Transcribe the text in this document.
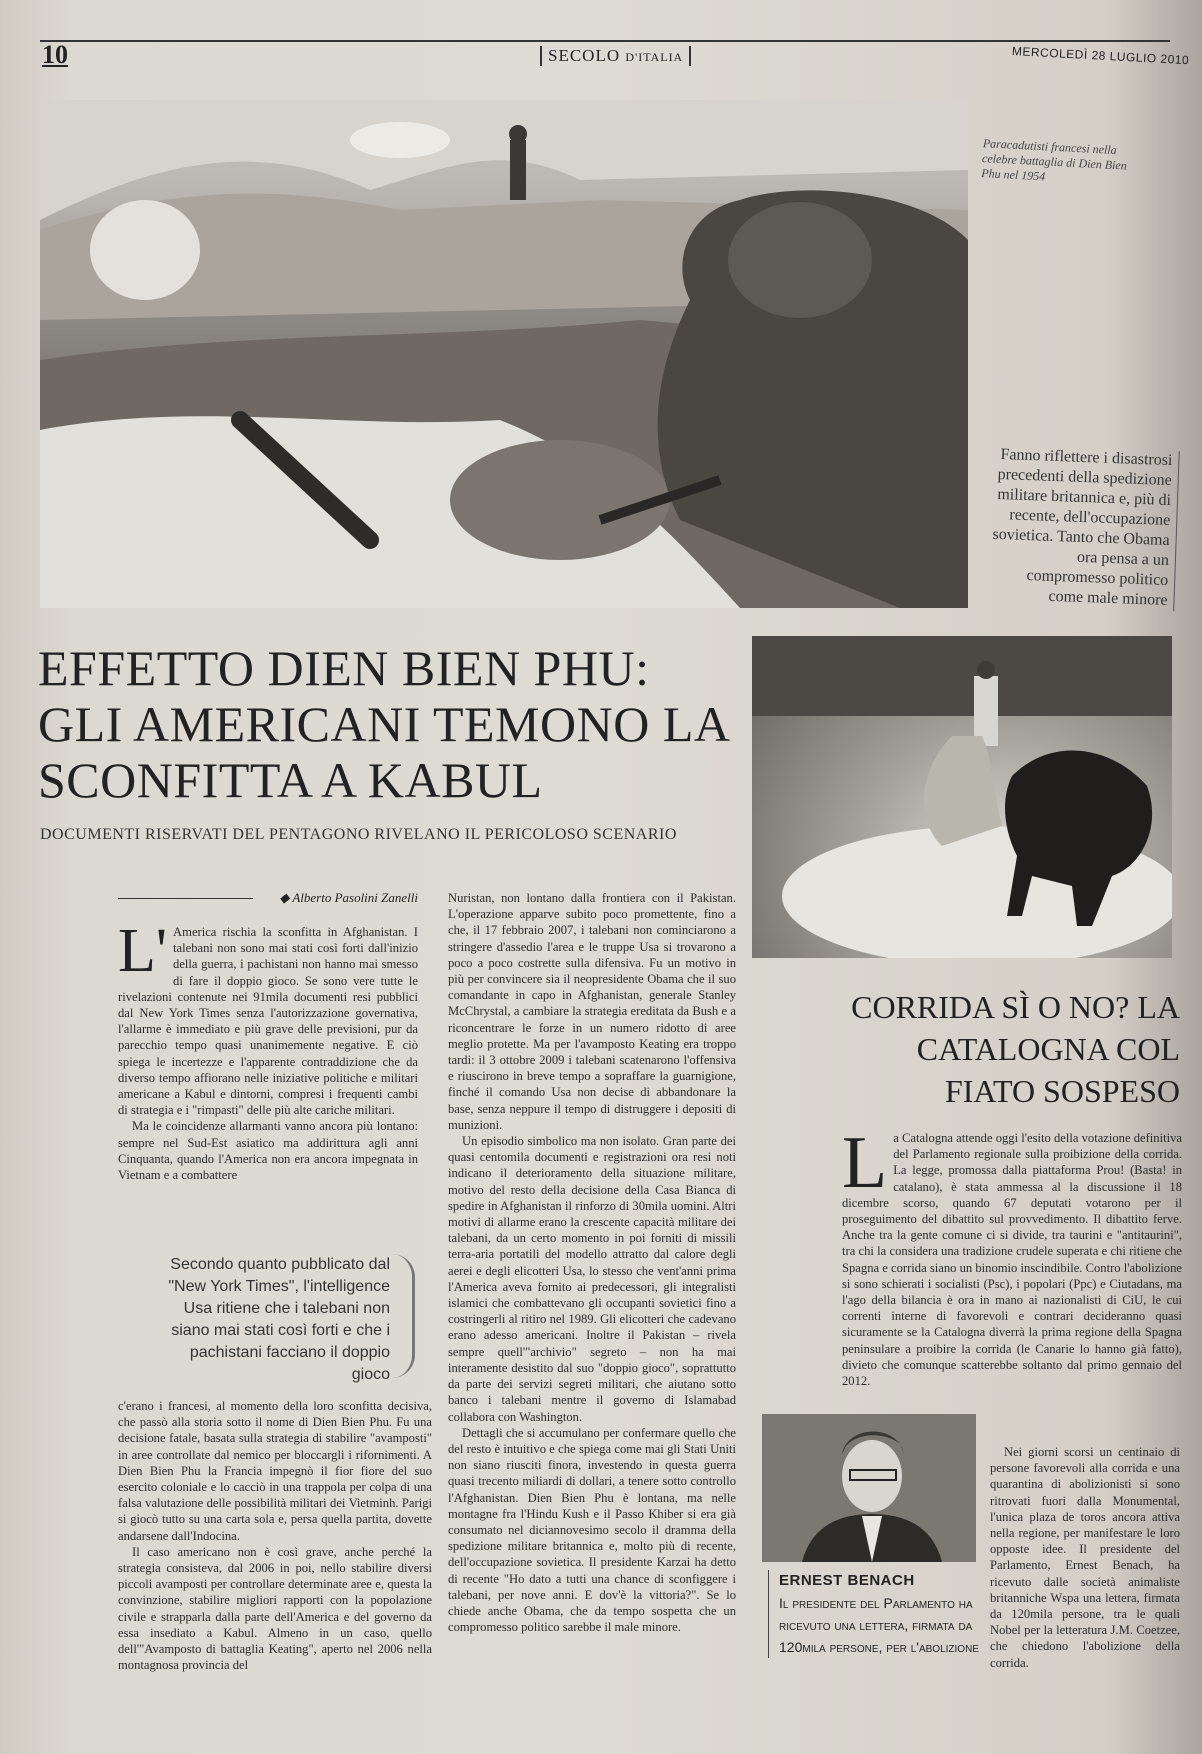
10	SECOLO D'ITALIA	MERCOLEDÌ 28 LUGLIO 2010
Paracadutisti francesi nella celebre battaglia di Dien Bien Phu nel 1954
Fanno riflettere i disastrosi precedenti della spedizione militare britannica e, più di recente, dell'occupazione sovietica. Tanto che Obama ora pensa a un compromesso politico come male minore
EFFETTO DIEN BIEN PHU: GLI AMERICANI TEMONO LA SCONFITTA A KABUL
DOCUMENTI RISERVATI DEL PENTAGONO RIVELANO IL PERICOLOSO SCENARIO
◆ Alberto Pasolini Zanelli

L' America rischia la sconfitta in Afghanistan. I talebani non sono mai stati così forti dall'inizio della guerra, i pachistani non hanno mai smesso di fare il doppio gioco. Se sono vere tutte le rivelazioni contenute nei 91mila documenti resi pubblici dal New York Times senza l'autorizzazione governativa, l'allarme è immediato e più grave delle previsioni, pur da parecchio tempo quasi unanimemente negative. E ciò spiega le incertezze e l'apparente contraddizione che da diverso tempo affiorano nelle iniziative politiche e militari americane a Kabul e dintorni, compresi i frequenti cambi di strategia e i "rimpasti" delle più alte cariche militari.

Ma le coincidenze allarmanti vanno ancora più lontano: sempre nel Sud-Est asiatico ma addirittura agli anni Cinquanta, quando l'America non era ancora impegnata in Vietnam e a combattere

Secondo quanto pubblicato dal "New York Times", l'intelligence Usa ritiene che i talebani non siano mai stati così forti e che i pachistani facciano il doppio gioco

c'erano i francesi, al momento della loro sconfitta decisiva, che passò alla storia sotto il nome di Dien Bien Phu. Fu una decisione fatale, basata sulla strategia di stabilire "avamposti" in aree controllate dal nemico per bloccargli i rifornimenti. A Dien Bien Phu la Francia impegnò il fior fiore del suo esercito coloniale e lo cacciò in una trappola per colpa di una falsa valutazione delle possibilità militari dei Vietminh. Parigi si giocò tutto su una carta sola e, persa quella partita, dovette andarsene dall'Indocina.

Il caso americano non è così grave, anche perché la strategia consisteva, dal 2006 in poi, nello stabilire diversi piccoli avamposti per controllare determinate aree e, questa la convinzione, stabilire migliori rapporti con la popolazione civile e strapparla dalla parte dell'America e del governo da essa insediato a Kabul. Almeno in un caso, quello dell'"Avamposto di battaglia Keating", aperto nel 2006 nella montagnosa provincia del

Nuristan, non lontano dalla frontiera con il Pakistan. L'operazione apparve subito poco promettente, fino a che, il 17 febbraio 2007, i talebani non cominciarono a stringere d'assedio l'area e le truppe Usa si trovarono a poco a poco costrette sulla difensiva. Fu un motivo in più per convincere sia il neopresidente Obama che il suo comandante in capo in Afghanistan, generale Stanley McChrystal, a cambiare la strategia ereditata da Bush e a riconcentrare le forze in un numero ridotto di aree meglio protette. Ma per l'avamposto Keating era troppo tardi: il 3 ottobre 2009 i talebani scatenarono l'offensiva e riuscirono in breve tempo a sopraffare la guarnigione, finché il comando Usa non decise di abbandonare la base, senza neppure il tempo di distruggere i depositi di munizioni.

Un episodio simbolico ma non isolato. Gran parte dei quasi centomila documenti e registrazioni ora resi noti indicano il deterioramento della situazione militare, motivo del resto della decisione della Casa Bianca di spedire in Afghanistan il rinforzo di 30mila uomini. Altri motivi di allarme erano la crescente capacità militare dei talebani, da un certo momento in poi forniti di missili terra-aria portatili del modello attratto dal calore degli aerei e degli elicotteri Usa, lo stesso che vent'anni prima l'America aveva fornito ai predecessori, gli integralisti islamici che combattevano gli occupanti sovietici fino a costringerli al ritiro nel 1989. Gli elicotteri che cadevano erano adesso americani. Inoltre il Pakistan – rivela sempre quell'"archivio" segreto – non ha mai interamente desistito dal suo "doppio gioco", soprattutto da parte dei servizi segreti militari, che aiutano sotto banco i talebani mentre il governo di Islamabad collabora con Washington.

Dettagli che si accumulano per confermare quello che del resto è intuitivo e che spiega come mai gli Stati Uniti non siano riusciti finora, investendo in questa guerra quasi trecento miliardi di dollari, a tenere sotto controllo l'Afghanistan. Dien Bien Phu è lontana, ma nelle montagne fra l'Hindu Kush e il Passo Khiber si era già consumato nel diciannovesimo secolo il dramma della spedizione militare britannica e, molto più di recente, dell'occupazione sovietica. Il presidente Karzai ha detto di recente "Ho dato a tutti una chance di sconfiggere i talebani, per nove anni. E dov'è la vittoria?". Se lo chiede anche Obama, che da tempo sospetta che un compromesso politico sarebbe il male minore.

CORRIDA SÌ O NO? LA CATALOGNA COL FIATO SOSPESO

La Catalogna attende oggi l'esito della votazione definitiva del Parlamento regionale sulla proibizione della corrida. La legge, promossa dalla piattaforma Prou! (Basta! in catalano), è stata ammessa al la discussione il 18 dicembre scorso, quando 67 deputati votarono per il proseguimento del dibattito sul provvedimento. Il dibattito ferve. Anche tra la gente comune ci si divide, tra taurini e "antitaurini", tra chi la considera una tradizione crudele superata e chi ritiene che Spagna e corrida siano un binomio inscindibile. Contro l'abolizione si sono schierati i socialisti (Psc), i popolari (Ppc) e Ciutadans, ma l'ago della bilancia è ora in mano ai nazionalisti di CiU, le cui correnti interne di favorevoli e contrari decideranno quasi sicuramente se la Catalogna diverrà la prima regione della Spagna peninsulare a proibire la corrida (le Canarie lo hanno già fatto), divieto che comunque scatterebbe soltanto dal primo gennaio del 2012.

ERNEST BENACH
Il presidente del Parlamento ha ricevuto una lettera, firmata da 120mila persone, per l'abolizione

Nei giorni scorsi un centinaio di persone favorevoli alla corrida e una quarantina di abolizionisti si sono ritrovati fuori dalla Monumental, l'unica plaza de toros ancora attiva nella regione, per manifestare le loro opposte idee. Il presidente del Parlamento, Ernest Benach, ha ricevuto dalle società animaliste britanniche Wspa una lettera, firmata da 120mila persone, tra le quali Nobel per la letteratura J.M. Coetzee, che chiedono l'abolizione della corrida.
